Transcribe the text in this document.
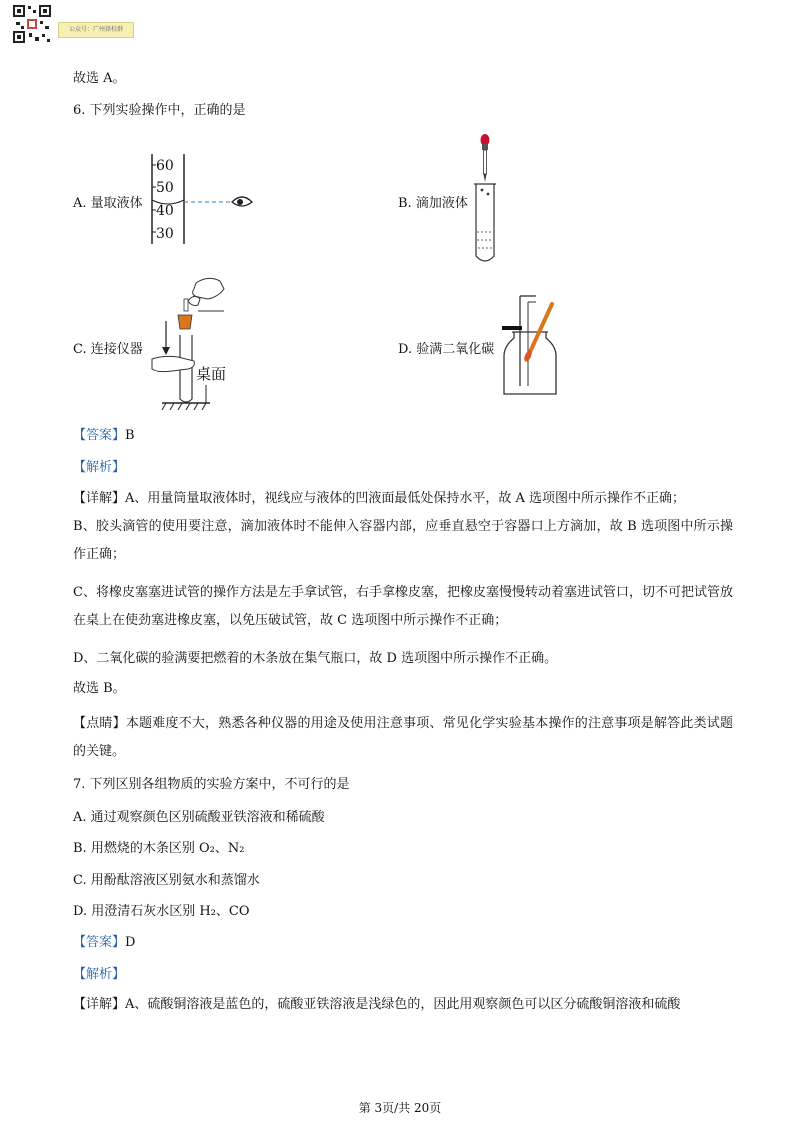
公众号：广州择校群
故选 A。
6. 下列实验操作中，正确的是
A. 量取液体
60
50
40
30
B. 滴加液体
C. 连接仪器
桌面
D. 验满二氧化碳
【答案】B
【解析】
【详解】A、用量筒量取液体时，视线应与液体的凹液面最低处保持水平，故 A 选项图中所示操作不正确；
B、胶头滴管的使用要注意，滴加液体时不能伸入容器内部，应垂直悬空于容器口上方滴加，故 B 选项图中所示操作正确；
C、将橡皮塞塞进试管的操作方法是左手拿试管，右手拿橡皮塞，把橡皮塞慢慢转动着塞进试管口，切不可把试管放在桌上在使劲塞进橡皮塞，以免压破试管，故 C 选项图中所示操作不正确；
D、二氧化碳的验满要把燃着的木条放在集气瓶口，故 D 选项图中所示操作不正确。
故选 B。
【点睛】本题难度不大，熟悉各种仪器的用途及使用注意事项、常见化学实验基本操作的注意事项是解答此类试题的关键。
7. 下列区别各组物质的实验方案中，不可行的是
A. 通过观察颜色区别硫酸亚铁溶液和稀硫酸
B. 用燃烧的木条区别 O₂、N₂
C. 用酚酞溶液区别氨水和蒸馏水
D. 用澄清石灰水区别 H₂、CO
【答案】D
【解析】
【详解】A、硫酸铜溶液是蓝色的，硫酸亚铁溶液是浅绿色的，因此用观察颜色可以区分硫酸铜溶液和硫酸
第 3页/共 20页
